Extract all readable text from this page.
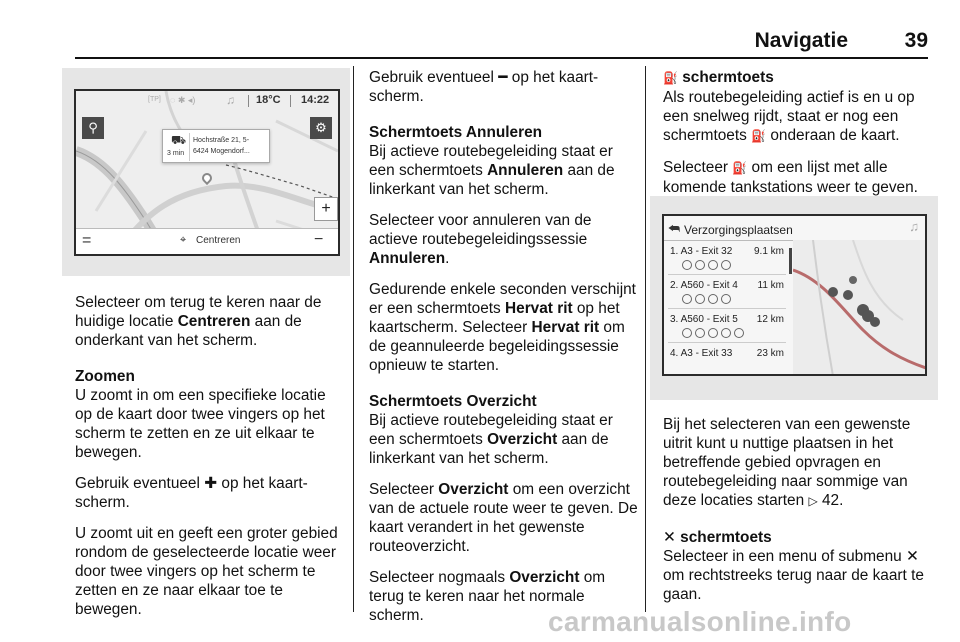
Navigatie	39
[TP] ◌ ✱ ◂)	♫ 18°C 14:22
⚲	⚙
⛟
3 min
Hochstraße 21, 5-
6424 Mogendorf...
+
=	⌖ Centreren	−

Selecteer om terug te keren naar de huidige locatie Centreren aan de onderkant van het scherm.

Zoomen

U zoomt in om een specifieke locatie op de kaart door twee vingers op het scherm te zetten en ze uit elkaar te bewegen.

Gebruik eventueel ✚ op het kaartscherm.

U zoomt uit en geeft een groter gebied rondom de geselecteerde locatie weer door twee vingers op het scherm te zetten en ze naar elkaar toe te bewegen.

Gebruik eventueel ━ op het kaartscherm.

Schermtoets Annuleren

Bij actieve routebegeleiding staat er een schermtoets Annuleren aan de linkerkant van het scherm.

Selecteer voor annuleren van de actieve routebegeleidingssessie Annuleren.

Gedurende enkele seconden verschijnt er een schermtoets Hervat rit op het kaartscherm. Selecteer Hervat rit om de geannuleerde begeleidingssessie opnieuw te starten.

Schermtoets Overzicht

Bij actieve routebegeleiding staat er een schermtoets Overzicht aan de linkerkant van het scherm.

Selecteer Overzicht om een overzicht van de actuele route weer te geven. De kaart verandert in het gewenste routeoverzicht.

Selecteer nogmaals Overzicht om terug te keren naar het normale scherm.

⛽ schermtoets

Als routebegeleiding actief is en u op een snelweg rijdt, staat er nog een schermtoets ⛽ onderaan de kaart.

Selecteer ⛽ om een lijst met alle komende tankstations weer te geven.

⮪ Verzorgingsplaatsen	♫
1. A3 - Exit 32 9.1 km
2. A560 - Exit 4 11 km
3. A560 - Exit 5 12 km
4. A3 - Exit 33 23 km

Bij het selecteren van een gewenste uitrit kunt u nuttige plaatsen in het betreffende gebied opvragen en routebegeleiding naar sommige van deze locaties starten ▷ 42.

✕ schermtoets

Selecteer in een menu of submenu ✕ om rechtstreeks terug naar de kaart te gaan.

carmanualsonline.info
